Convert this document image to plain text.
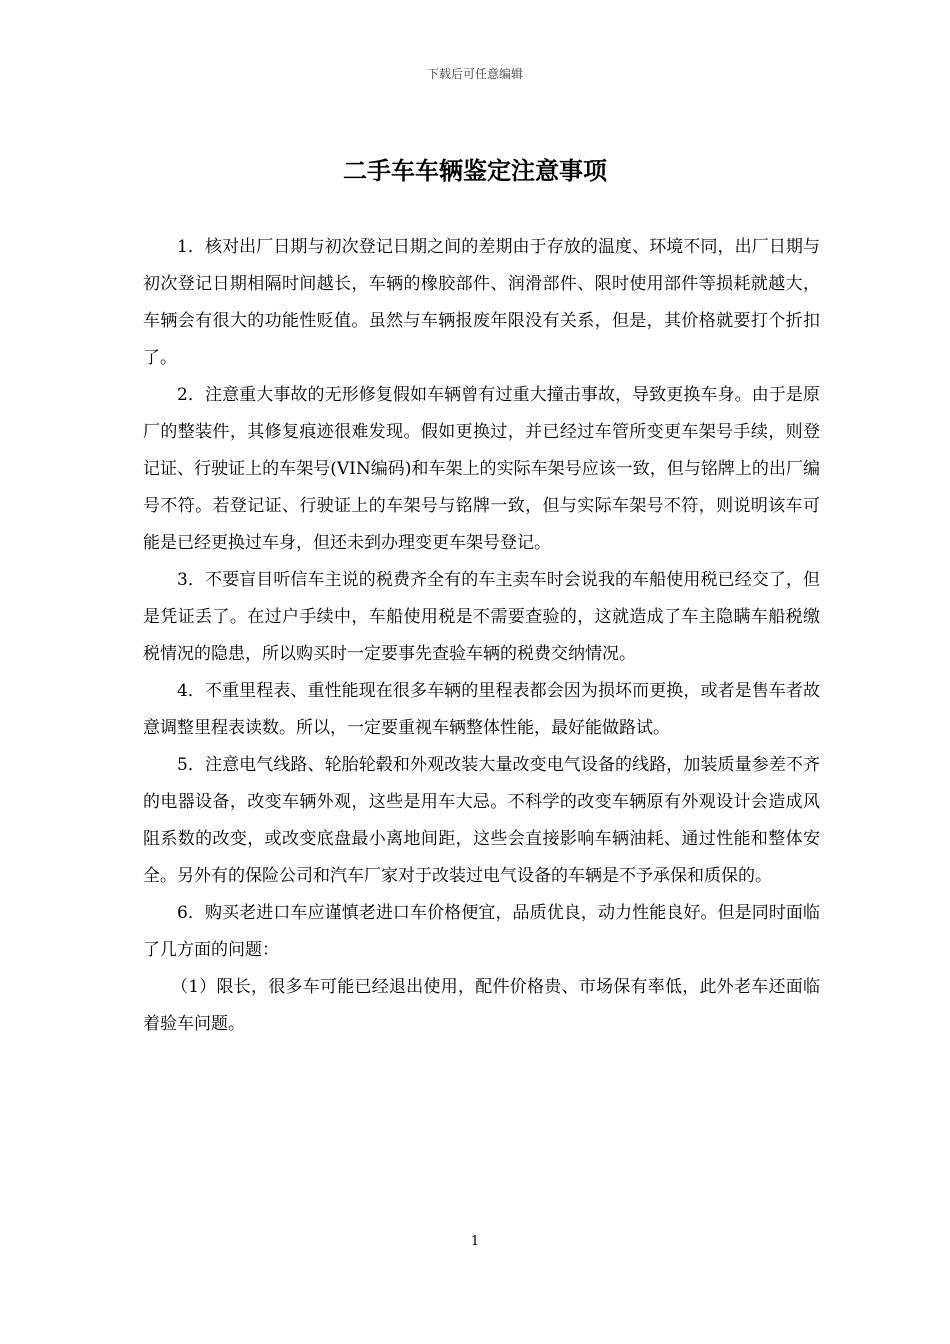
下载后可任意编辑
二手车车辆鉴定注意事项

1．核对出厂日期与初次登记日期之间的差期由于存放的温度、环境不同，出厂日期与初次登记日期相隔时间越长，车辆的橡胶部件、润滑部件、限时使用部件等损耗就越大，车辆会有很大的功能性贬值。虽然与车辆报废年限没有关系，但是，其价格就要打个折扣了。

2．注意重大事故的无形修复假如车辆曾有过重大撞击事故，导致更换车身。由于是原厂的整装件，其修复痕迹很难发现。假如更换过，并已经过车管所变更车架号手续，则登记证、行驶证上的车架号(VIN编码)和车架上的实际车架号应该一致，但与铭牌上的出厂编号不符。若登记证、行驶证上的车架号与铭牌一致，但与实际车架号不符，则说明该车可能是已经更换过车身，但还未到办理变更车架号登记。

3．不要盲目听信车主说的税费齐全有的车主卖车时会说我的车船使用税已经交了，但是凭证丢了。在过户手续中，车船使用税是不需要查验的，这就造成了车主隐瞒车船税缴税情况的隐患，所以购买时一定要事先查验车辆的税费交纳情况。

4．不重里程表、重性能现在很多车辆的里程表都会因为损坏而更换，或者是售车者故意调整里程表读数。所以，一定要重视车辆整体性能，最好能做路试。

5．注意电气线路、轮胎轮毂和外观改装大量改变电气设备的线路，加装质量参差不齐的电器设备，改变车辆外观，这些是用车大忌。不科学的改变车辆原有外观设计会造成风阻系数的改变，或改变底盘最小离地间距，这些会直接影响车辆油耗、通过性能和整体安全。另外有的保险公司和汽车厂家对于改装过电气设备的车辆是不予承保和质保的。

6．购买老进口车应谨慎老进口车价格便宜，品质优良，动力性能良好。但是同时面临了几方面的问题：

（1）限长，很多车可能已经退出使用，配件价格贵、市场保有率低，此外老车还面临着验车问题。

1
